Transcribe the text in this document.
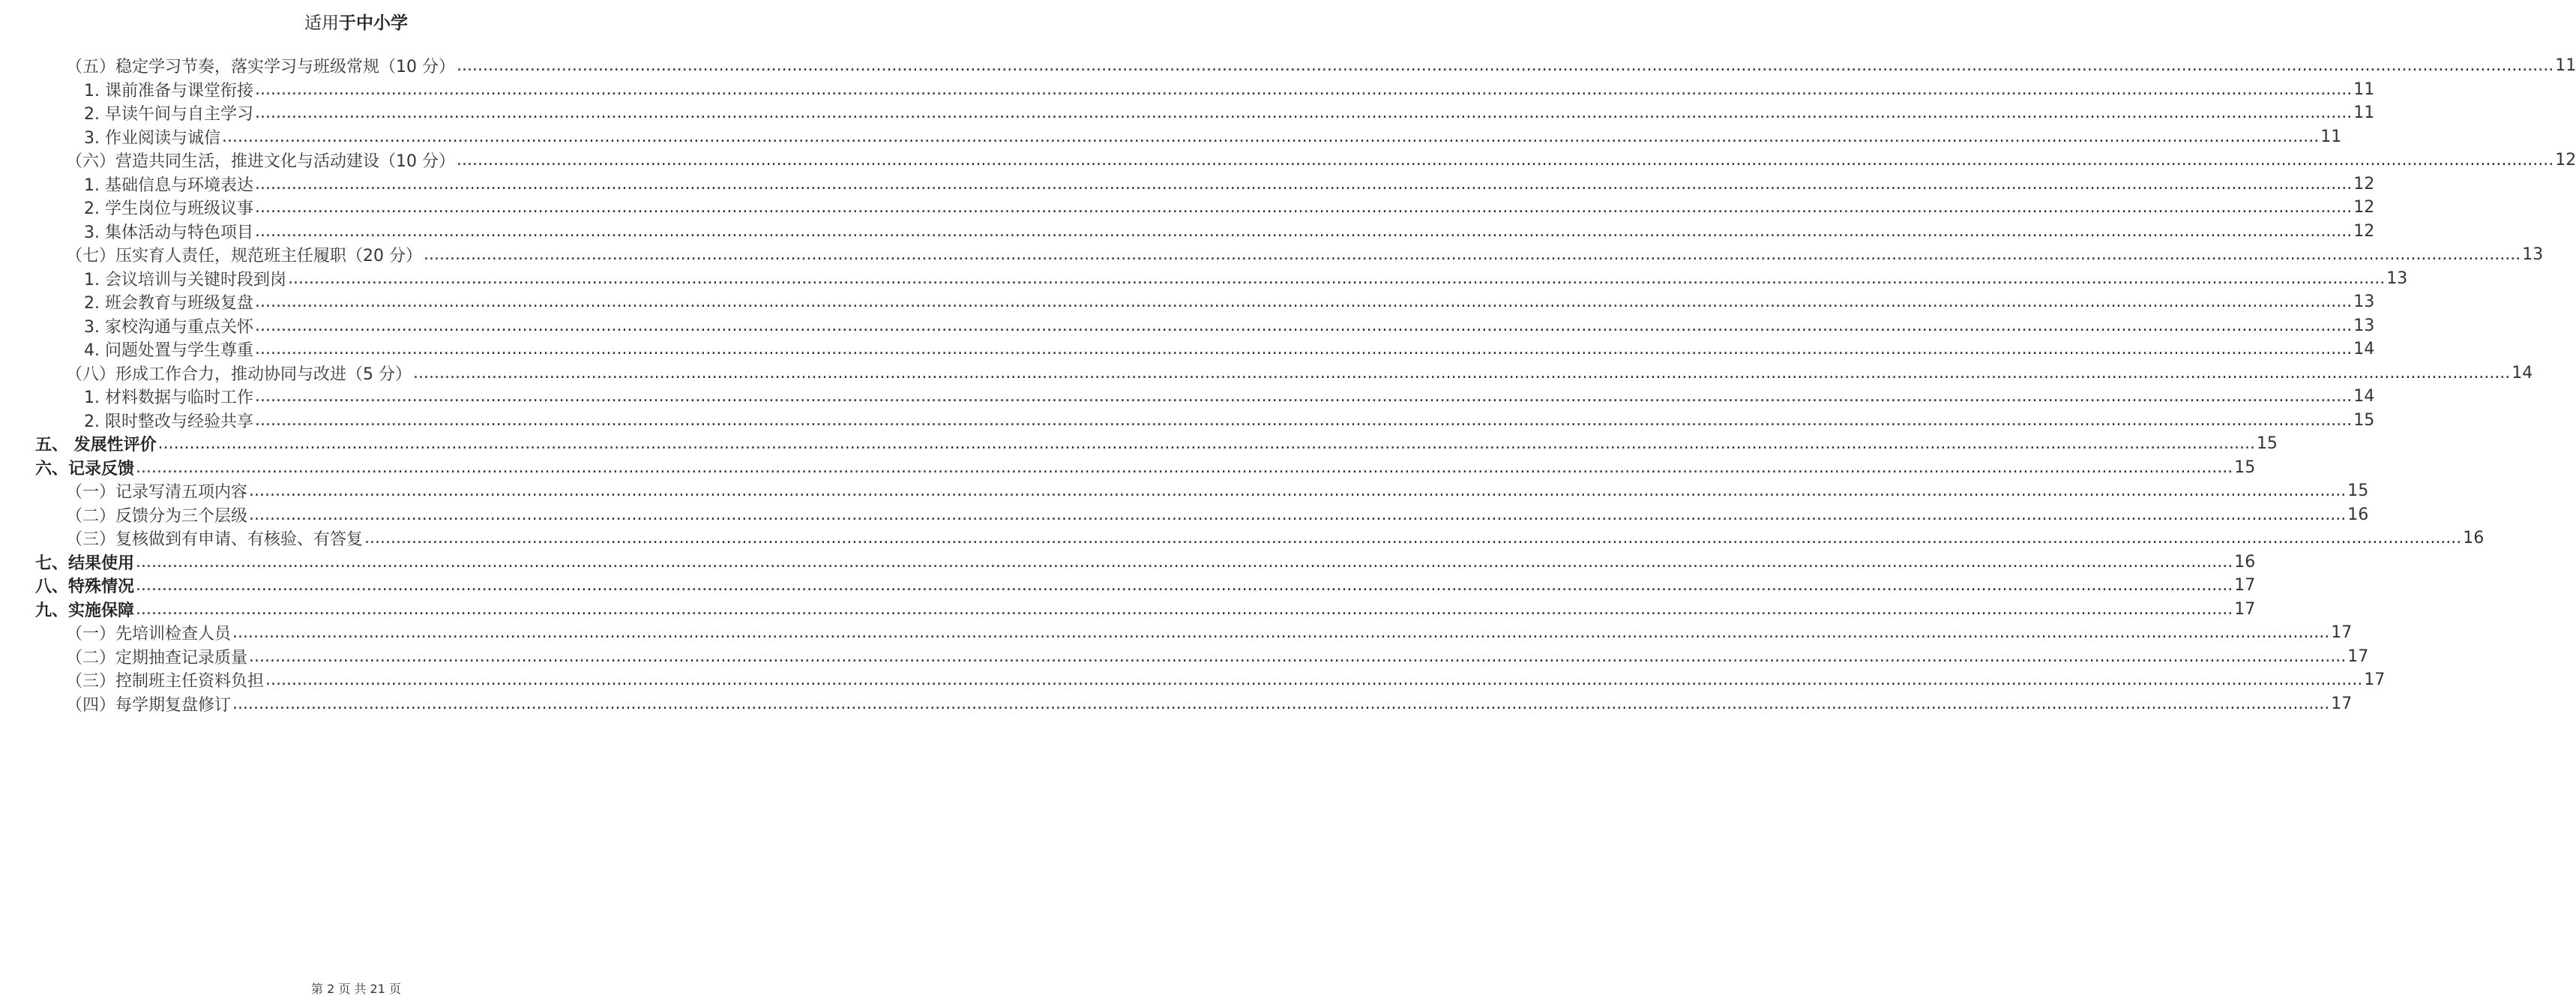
适用于中小学
（五）稳定学习节奏，落实学习与班级常规（10 分） ................................................................................................................................................................................................................................................................................................................................................................................................................ 11
1. 课前准备与课堂衔接 ................................................................................................................................................................................................................................................................................................................................................................................................................ 11
2. 早读午间与自主学习 ................................................................................................................................................................................................................................................................................................................................................................................................................ 11
3. 作业阅读与诚信 ................................................................................................................................................................................................................................................................................................................................................................................................................ 11
（六）营造共同生活，推进文化与活动建设（10 分） ................................................................................................................................................................................................................................................................................................................................................................................................................ 12
1. 基础信息与环境表达 ................................................................................................................................................................................................................................................................................................................................................................................................................ 12
2. 学生岗位与班级议事 ................................................................................................................................................................................................................................................................................................................................................................................................................ 12
3. 集体活动与特色项目 ................................................................................................................................................................................................................................................................................................................................................................................................................ 12
（七）压实育人责任，规范班主任履职（20 分） ................................................................................................................................................................................................................................................................................................................................................................................................................ 13
1. 会议培训与关键时段到岗 ................................................................................................................................................................................................................................................................................................................................................................................................................ 13
2. 班会教育与班级复盘 ................................................................................................................................................................................................................................................................................................................................................................................................................ 13
3. 家校沟通与重点关怀 ................................................................................................................................................................................................................................................................................................................................................................................................................ 13
4. 问题处置与学生尊重 ................................................................................................................................................................................................................................................................................................................................................................................................................ 14
（八）形成工作合力，推动协同与改进（5 分） ................................................................................................................................................................................................................................................................................................................................................................................................................ 14
1. 材料数据与临时工作 ................................................................................................................................................................................................................................................................................................................................................................................................................ 14
2. 限时整改与经验共享 ................................................................................................................................................................................................................................................................................................................................................................................................................ 15
五、 发展性评价 ................................................................................................................................................................................................................................................................................................................................................................................................................ 15
六、记录反馈 ................................................................................................................................................................................................................................................................................................................................................................................................................ 15
（一）记录写清五项内容 ................................................................................................................................................................................................................................................................................................................................................................................................................ 15
（二）反馈分为三个层级 ................................................................................................................................................................................................................................................................................................................................................................................................................ 16
（三）复核做到有申请、有核验、有答复 ................................................................................................................................................................................................................................................................................................................................................................................................................ 16
七、结果使用 ................................................................................................................................................................................................................................................................................................................................................................................................................ 16
八、特殊情况 ................................................................................................................................................................................................................................................................................................................................................................................................................ 17
九、实施保障 ................................................................................................................................................................................................................................................................................................................................................................................................................ 17
（一）先培训检查人员 ................................................................................................................................................................................................................................................................................................................................................................................................................ 17
（二）定期抽查记录质量 ................................................................................................................................................................................................................................................................................................................................................................................................................ 17
（三）控制班主任资料负担 ................................................................................................................................................................................................................................................................................................................................................................................................................ 17
（四）每学期复盘修订 ................................................................................................................................................................................................................................................................................................................................................................................................................ 17
第 2 页 共 21 页
